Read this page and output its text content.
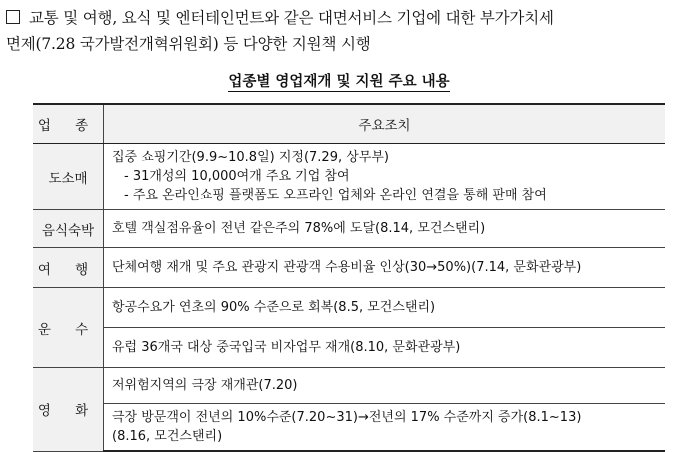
교통 및 여행, 요식 및 엔터테인먼트와 같은 대면서비스 기업에 대한 부가가치세
면제(7.28 국가발전개혁위원회) 등 다양한 지원책 시행
업종별 영업재개 및 지원 주요 내용
업 종	주요조치
도소매	집중 쇼핑기간(9.9~10.8일) 지정(7.29, 상무부)
- 31개성의 10,000여개 주요 기업 참여
- 주요 온라인쇼핑 플랫폼도 오프라인 업체와 온라인 연결을 통해 판매 참여

음식숙박	호텔 객실점유율이 전년 같은주의 78%에 도달(8.14, 모건스탠리)
여 행	단체여행 재개 및 주요 관광지 관광객 수용비율 인상(30→50%)(7.14, 문화관광부)
운 수	항공수요가 연초의 90% 수준으로 회복(8.5, 모건스탠리)
	유럽 36개국 대상 중국입국 비자업무 재개(8.10, 문화관광부)
영 화	저위험지역의 극장 재개관(7.20)

	극장 방문객이 전년의 10%수준(7.20~31)→전년의 17% 수준까지 증가(8.1~13)
(8.16, 모건스탠리)
